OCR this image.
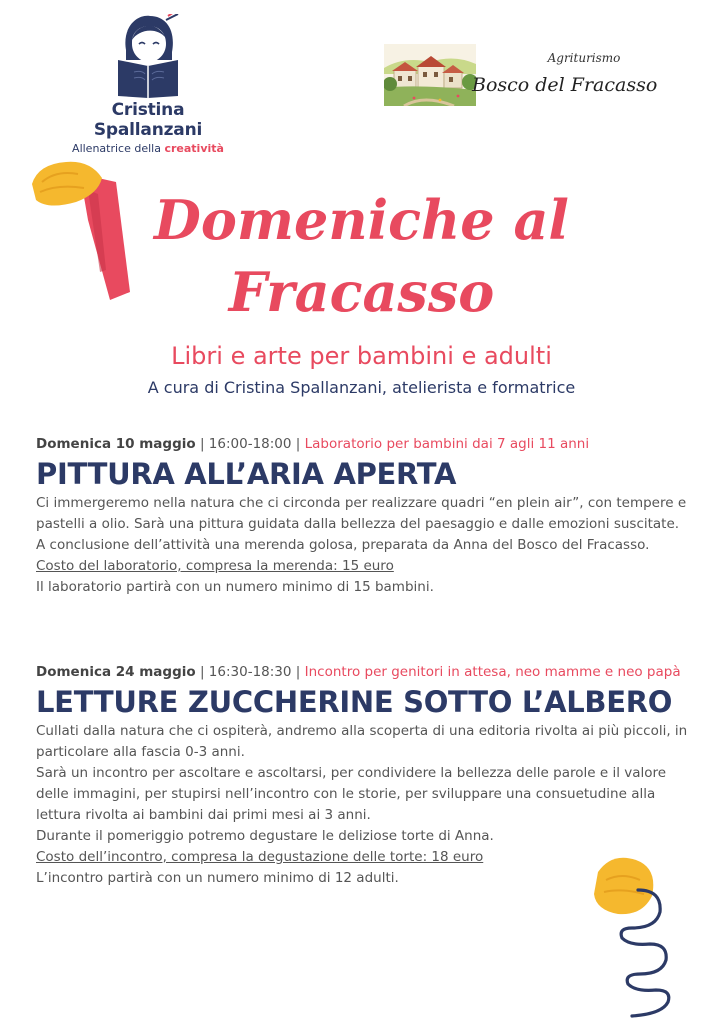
Cristina Spallanzani
Allenatrice della creatività
Agriturismo
Bosco del Fracasso
Domeniche al
Fracasso
Libri e arte per bambini e adulti
A cura di Cristina Spallanzani, atelierista e formatrice
Domenica 10 maggio | 16:00-18:00 | Laboratorio per bambini dai 7 agli 11 anni
PITTURA ALL’ARIA APERTA

Ci immergeremo nella natura che ci circonda per realizzare quadri “en plein air”, con tempere e pastelli a olio. Sarà una pittura guidata dalla bellezza del paesaggio e dalle emozioni suscitate.

A conclusione dell’attività una merenda golosa, preparata da Anna del Bosco del Fracasso.

Costo del laboratorio, compresa la merenda: 15 euro

Il laboratorio partirà con un numero minimo di 15 bambini.

Domenica 24 maggio | 16:30-18:30 | Incontro per genitori in attesa, neo mamme e neo papà
LETTURE ZUCCHERINE SOTTO L’ALBERO

Cullati dalla natura che ci ospiterà, andremo alla scoperta di una editoria rivolta ai più piccoli, in particolare alla fascia 0-3 anni.

Sarà un incontro per ascoltare e ascoltarsi, per condividere la bellezza delle parole e il valore delle immagini, per stupirsi nell’incontro con le storie, per sviluppare una consuetudine alla lettura rivolta ai bambini dai primi mesi ai 3 anni.

Durante il pomeriggio potremo degustare le deliziose torte di Anna.

Costo dell’incontro, compresa la degustazione delle torte: 18 euro

L’incontro partirà con un numero minimo di 12 adulti.
